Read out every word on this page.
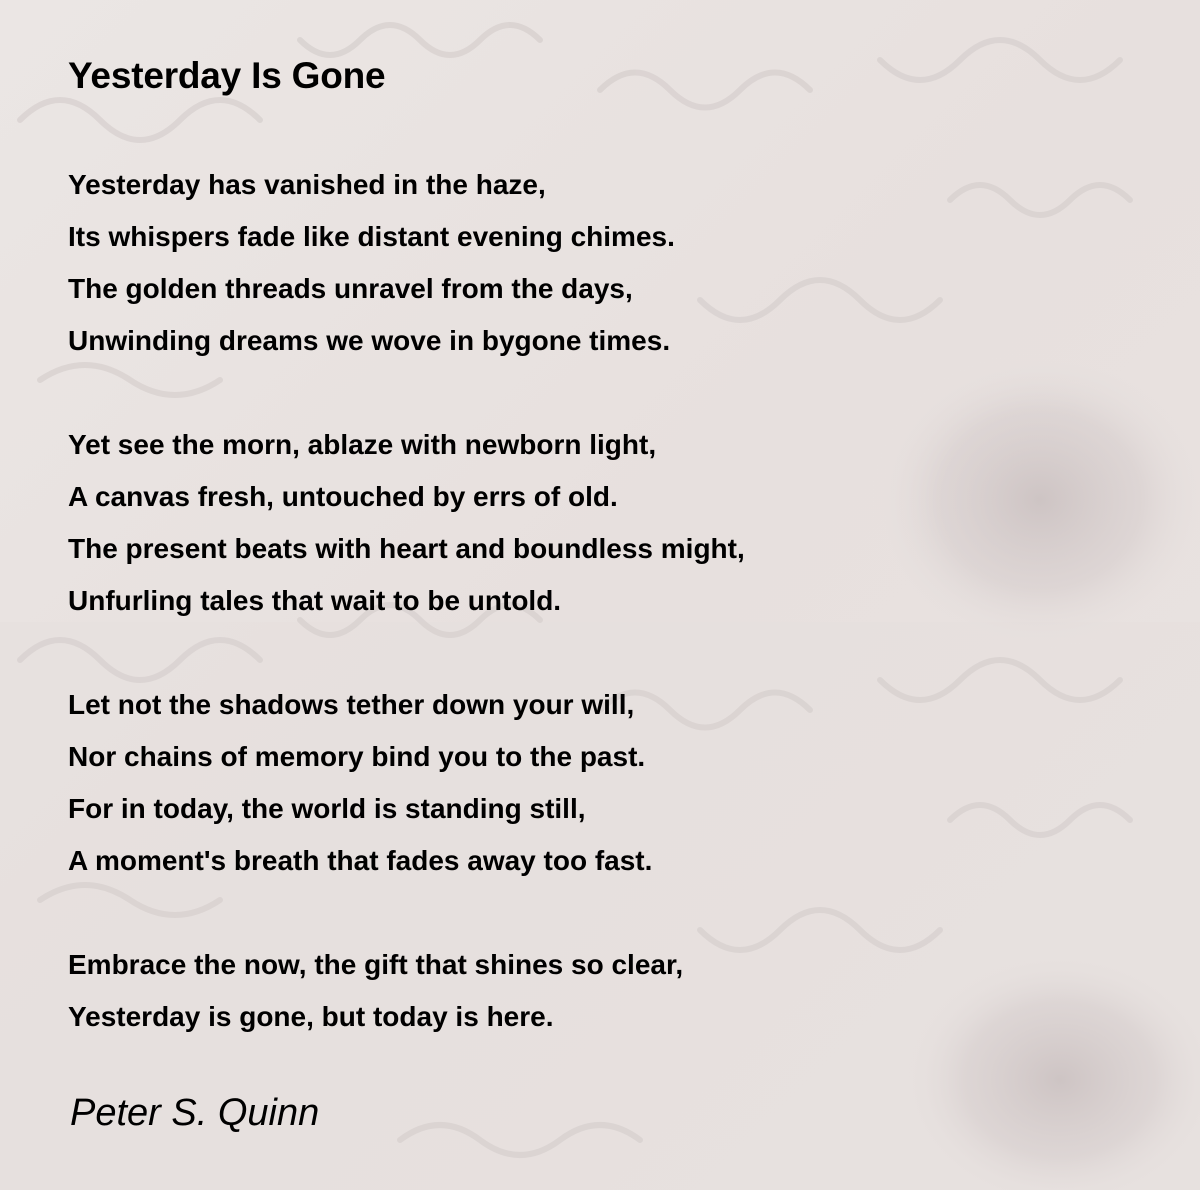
Yesterday Is Gone
Yesterday has vanished in the haze,
Its whispers fade like distant evening chimes.
The golden threads unravel from the days,
Unwinding dreams we wove in bygone times.
Yet see the morn, ablaze with newborn light,
A canvas fresh, untouched by errs of old.
The present beats with heart and boundless might,
Unfurling tales that wait to be untold.
Let not the shadows tether down your will,
Nor chains of memory bind you to the past.
For in today, the world is standing still,
A moment's breath that fades away too fast.
Embrace the now, the gift that shines so clear,
Yesterday is gone, but today is here.
Peter S. Quinn
